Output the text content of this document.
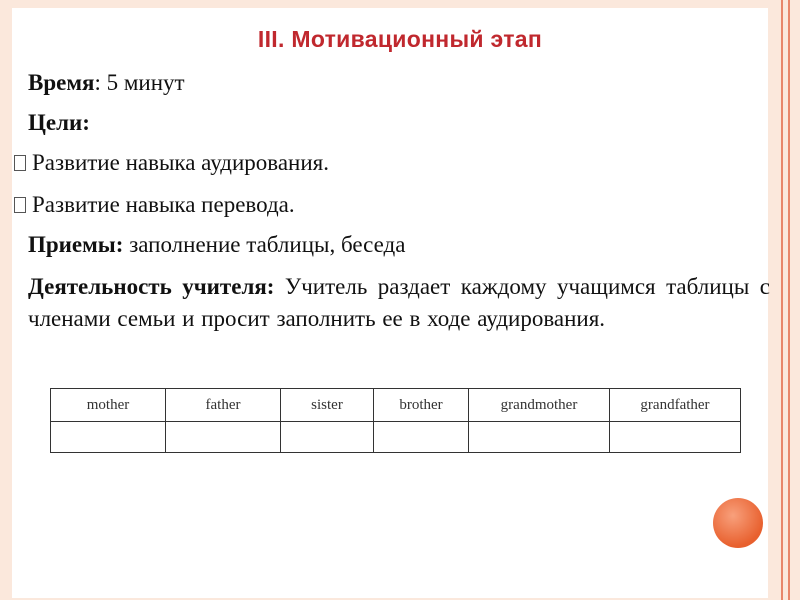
III. Мотивационный этап
Время: 5 минут
Цели:
Развитие навыка аудирования.
Развитие навыка перевода.
Приемы: заполнение таблицы, беседа
Деятельность учителя: Учитель раздает каждому учащимся таблицы с членами семьи и просит заполнить ее в ходе аудирования.
mother	father	sister	brother	grandmother	grandfather
